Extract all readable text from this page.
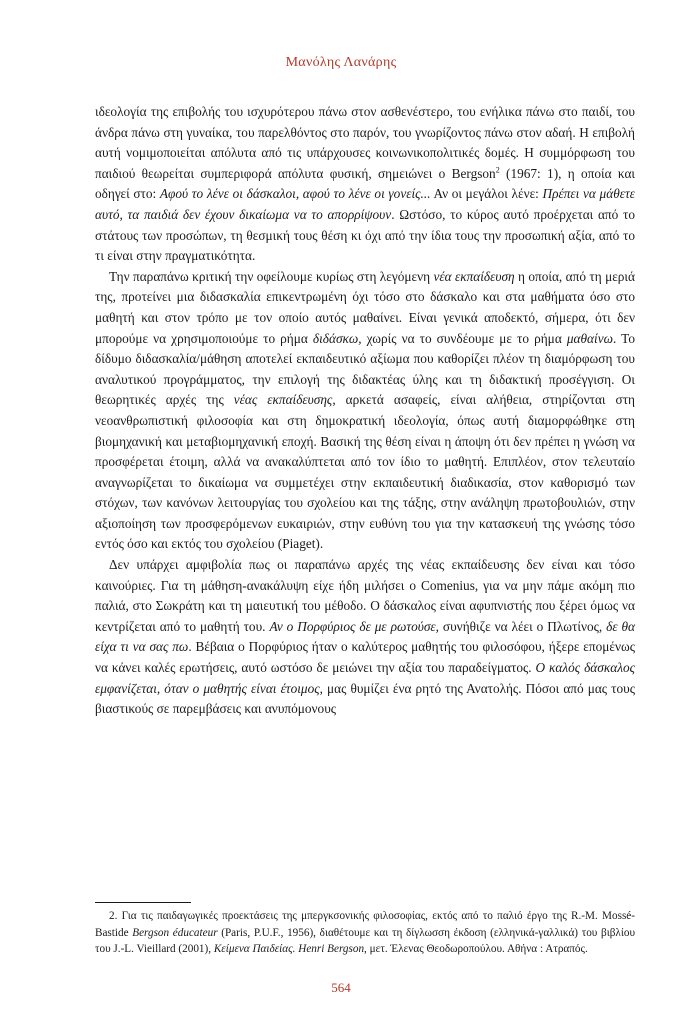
Μανόλης Λανάρης

ιδεολογία της επιβολής του ισχυρότερου πάνω στον ασθενέστερο, του ενήλικα πάνω στο παιδί, του άνδρα πάνω στη γυναίκα, του παρελθόντος στο παρόν, του γνωρίζοντος πάνω στον αδαή. Η επιβολή αυτή νομιμοποιείται απόλυτα από τις υπάρχουσες κοινωνικοπολιτικές δομές. Η συμμόρφωση του παιδιού θεωρείται συμπεριφορά απόλυτα φυσική, σημειώνει ο Bergson$^2$ (1967: 1), η οποία και οδηγεί στο: Αφού το λένε οι δάσκαλοι, αφού το λένε οι γονείς... Αν οι μεγάλοι λένε: Πρέπει να μάθετε αυτό, τα παιδιά δεν έχουν δικαίωμα να το απορρίψουν. Ωστόσο, το κύρος αυτό προέρχεται από το στάτους των προσώπων, τη θεσμική τους θέση κι όχι από την ίδια τους την προσωπική αξία, από το τι είναι στην πραγματικότητα.

Την παραπάνω κριτική την οφείλουμε κυρίως στη λεγόμενη νέα εκπαίδευση η οποία, από τη μεριά της, προτείνει μια διδασκαλία επικεντρωμένη όχι τόσο στο δάσκαλο και στα μαθήματα όσο στο μαθητή και στον τρόπο με τον οποίο αυτός μαθαίνει. Είναι γενικά αποδεκτό, σήμερα, ότι δεν μπορούμε να χρησιμοποιούμε το ρήμα διδάσκω, χωρίς να το συνδέουμε με το ρήμα μαθαίνω. Το δίδυμο διδασκαλία/μάθηση αποτελεί εκπαιδευτικό αξίωμα που καθορίζει πλέον τη διαμόρφωση του αναλυτικού προγράμματος, την επιλογή της διδακτέας ύλης και τη διδακτική προσέγγιση. Οι θεωρητικές αρχές της νέας εκπαίδευσης, αρκετά ασαφείς, είναι αλήθεια, στηρίζονται στη νεοανθρωπιστική φιλοσοφία και στη δημοκρατική ιδεολογία, όπως αυτή διαμορφώθηκε στη βιομηχανική και μεταβιομηχανική εποχή. Βασική της θέση είναι η άποψη ότι δεν πρέπει η γνώση να προσφέρεται έτοιμη, αλλά να ανακαλύπτεται από τον ίδιο το μαθητή. Επιπλέον, στον τελευταίο αναγνωρίζεται το δικαίωμα να συμμετέχει στην εκπαιδευτική διαδικασία, στον καθορισμό των στόχων, των κανόνων λειτουργίας του σχολείου και της τάξης, στην ανάληψη πρωτοβουλιών, στην αξιοποίηση των προσφερόμενων ευκαιριών, στην ευθύνη του για την κατασκευή της γνώσης τόσο εντός όσο και εκτός του σχολείου (Piaget).

Δεν υπάρχει αμφιβολία πως οι παραπάνω αρχές της νέας εκπαίδευσης δεν είναι και τόσο καινούριες. Για τη μάθηση-ανακάλυψη είχε ήδη μιλήσει ο Comenius, για να μην πάμε ακόμη πιο παλιά, στο Σωκράτη και τη μαιευτική του μέθοδο. Ο δάσκαλος είναι αφυπνιστής που ξέρει όμως να κεντρίζεται από το μαθητή του. Αν ο Πορφύριος δε με ρωτούσε, συνήθιζε να λέει ο Πλωτίνος, δε θα είχα τι να σας πω. Βέβαια ο Πορφύριος ήταν ο καλύτερος μαθητής του φιλοσόφου, ήξερε επομένως να κάνει καλές ερωτήσεις, αυτό ωστόσο δε μειώνει την αξία του παραδείγματος. Ο καλός δάσκαλος εμφανίζεται, όταν ο μαθητής είναι έτοιμος, μας θυμίζει ένα ρητό της Ανατολής. Πόσοι από μας τους βιαστικούς σε παρεμβάσεις και ανυπόμονους

2. Για τις παιδαγωγικές προεκτάσεις της μπεργκσονικής φιλοσοφίας, εκτός από το παλιό έργο της R.-M. Mossé-Bastide Bergson éducateur (Paris, P.U.F., 1956), διαθέτουμε και τη δίγλωσση έκδοση (ελληνικά-γαλλικά) του βιβλίου του J.-L. Vieillard (2001), Κείμενα Παιδείας. Henri Bergson, μετ. Έλενας Θεοδωροπούλου. Αθήνα : Ατραπός.

564
